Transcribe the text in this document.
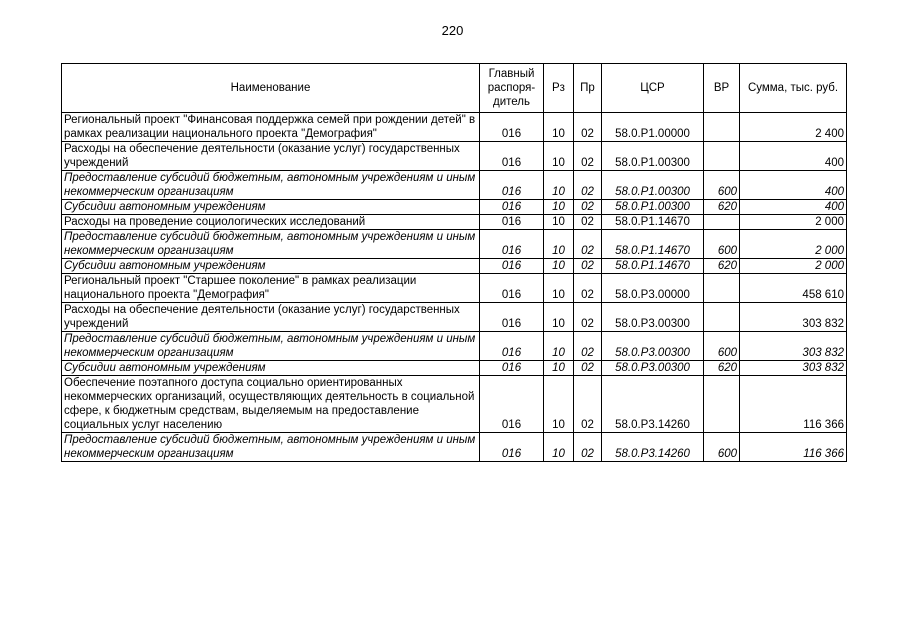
220
Наименование	Главный распоря-дитель	Рз	Пр	ЦСР	ВР	Сумма, тыс. руб.
Региональный проект "Финансовая поддержка семей при рождении детей" в рамках реализации национального проекта "Демография"	016	10	02	58.0.Р1.00000		2 400
Расходы на обеспечение деятельности (оказание услуг) государственных учреждений	016	10	02	58.0.Р1.00300		400
Предоставление субсидий бюджетным, автономным учреждениям и иным некоммерческим организациям	016	10	02	58.0.Р1.00300	600	400
Субсидии автономным учреждениям	016	10	02	58.0.Р1.00300	620	400
Расходы на проведение социологических исследований	016	10	02	58.0.Р1.14670		2 000
Предоставление субсидий бюджетным, автономным учреждениям и иным некоммерческим организациям	016	10	02	58.0.Р1.14670	600	2 000
Субсидии автономным учреждениям	016	10	02	58.0.Р1.14670	620	2 000
Региональный проект "Старшее поколение" в рамках реализации национального проекта "Демография"	016	10	02	58.0.Р3.00000		458 610
Расходы на обеспечение деятельности (оказание услуг) государственных учреждений	016	10	02	58.0.Р3.00300		303 832
Предоставление субсидий бюджетным, автономным учреждениям и иным некоммерческим организациям	016	10	02	58.0.Р3.00300	600	303 832
Субсидии автономным учреждениям	016	10	02	58.0.Р3.00300	620	303 832
Обеспечение поэтапного доступа социально ориентированных некоммерческих организаций, осуществляющих деятельность в социальной сфере, к бюджетным средствам, выделяемым на предоставление социальных услуг населению	016	10	02	58.0.Р3.14260		116 366
Предоставление субсидий бюджетным, автономным учреждениям и иным некоммерческим организациям	016	10	02	58.0.Р3.14260	600	116 366
